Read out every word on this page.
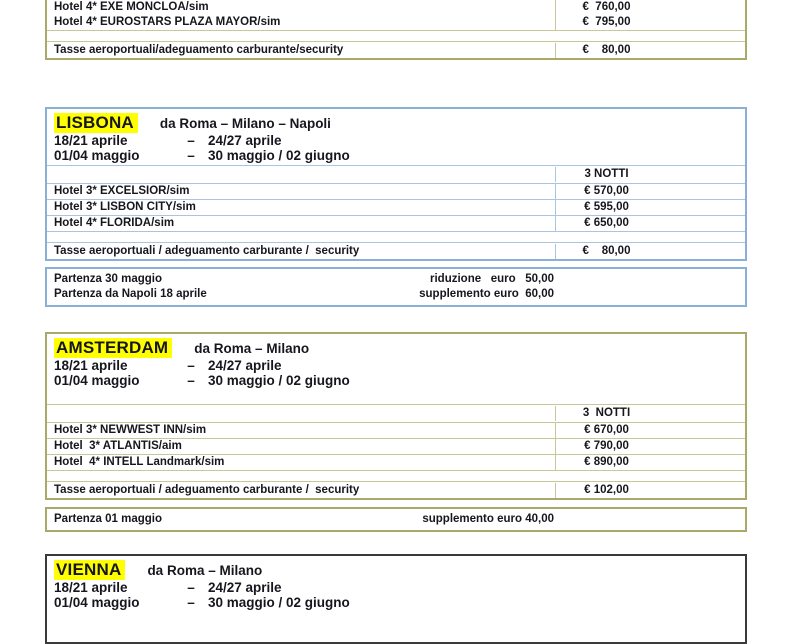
Hotel 4* EXE MONCLOA/sim	€  760,00
Hotel 4* EUROSTARS PLAZA MAYOR/sim	€  795,00
Tasse aeroportuali/adeguamento carburante/security	€    80,00
LISBONA da Roma – Milano – Napoli
18/21 aprile	– 24/27 aprile
01/04 maggio	– 30 maggio / 02 giugno
3 NOTTI
Hotel 3* EXCELSIOR/sim	€ 570,00
Hotel 3* LISBON CITY/sim	€ 595,00
Hotel 4* FLORIDA/sim	€ 650,00
Tasse aeroportuali / adeguamento carburante /  security	€    80,00
Partenza 30 maggio	riduzione   euro   50,00
Partenza da Napoli 18 aprile	supplemento euro  60,00
AMSTERDAM da Roma – Milano
18/21 aprile	– 24/27 aprile
01/04 maggio	– 30 maggio / 02 giugno
3  NOTTI
Hotel 3* NEWWEST INN/sim	€ 670,00
Hotel  3* ATLANTIS/aim	€ 790,00
Hotel  4* INTELL Landmark/sim	€ 890,00
Tasse aeroportuali / adeguamento carburante /  security	€ 102,00
Partenza 01 maggio	supplemento euro 40,00
VIENNA da Roma – Milano
18/21 aprile	– 24/27 aprile
01/04 maggio	– 30 maggio / 02 giugno
